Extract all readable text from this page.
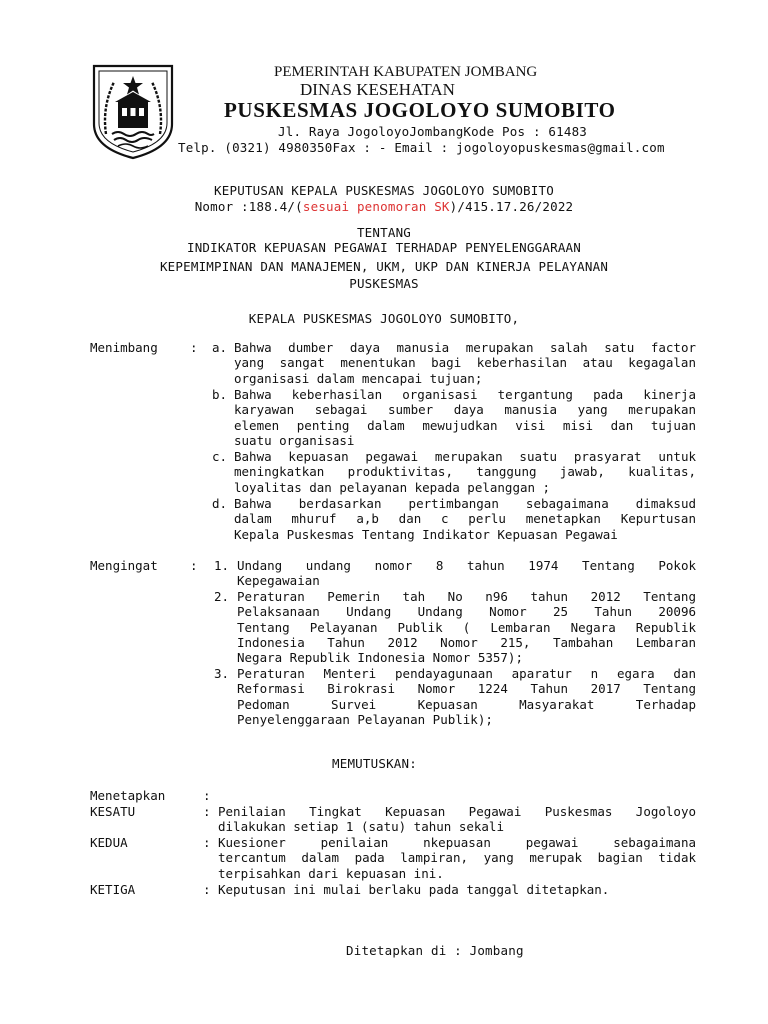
PEMERINTAH KABUPATEN JOMBANG
DINAS KESEHATAN
PUSKESMAS JOGOLOYO SUMOBITO
Jl. Raya JogoloyoJombangKode Pos : 61483
Telp. (0321) 4980350Fax : - Email : jogoloyopuskesmas@gmail.com
KEPUTUSAN KEPALA PUSKESMAS JOGOLOYO SUMOBITO
Nomor :188.4/(sesuai penomoran SK)/415.17.26/2022
TENTANG
INDIKATOR KEPUASAN PEGAWAI TERHADAP PENYELENGGARAAN
KEPEMIMPINAN DAN MANAJEMEN, UKM, UKP DAN KINERJA PELAYANAN
PUSKESMAS
KEPALA PUSKESMAS JOGOLOYO SUMOBITO,
Menimbang	:	a. Bahwa dumber daya manusia merupakan salah satu factor
yang sangat menentukan bagi keberhasilan atau kegagalan
organisasi dalam mencapai tujuan;
b. Bahwa keberhasilan organisasi tergantung pada kinerja
karyawan sebagai sumber daya manusia yang merupakan
elemen penting dalam mewujudkan visi misi dan tujuan
suatu organisasi
c. Bahwa kepuasan pegawai merupakan suatu prasyarat untuk
meningkatkan produktivitas, tanggung jawab, kualitas,
loyalitas dan pelayanan kepada pelanggan ;
d. Bahwa berdasarkan pertimbangan sebagaimana dimaksud
dalam mhuruf a,b dan c perlu menetapkan Kepurtusan
Kepala Puskesmas Tentang Indikator Kepuasan Pegawai
Mengingat	:	1. Undang undang nomor 8 tahun 1974 Tentang Pokok
Kepegawaian
2. Peraturan Pemerin tah No n96 tahun 2012 Tentang
Pelaksanaan Undang Undang Nomor 25 Tahun 20096
Tentang Pelayanan Publik ( Lembaran Negara Republik
Indonesia Tahun 2012 Nomor 215, Tambahan Lembaran
Negara Republik Indonesia Nomor 5357);
3. Peraturan Menteri pendayagunaan aparatur n egara dan
Reformasi Birokrasi Nomor 1224 Tahun 2017 Tentang
Pedoman Survei Kepuasan Masyarakat Terhadap
Penyelenggaraan Pelayanan Publik);
MEMUTUSKAN:
Menetapkan	:
KESATU	: Penilaian Tingkat Kepuasan Pegawai Puskesmas Jogoloyo
dilakukan setiap 1 (satu) tahun sekali
KEDUA	: Kuesioner penilaian nkepuasan pegawai sebagaimana
tercantum dalam pada lampiran, yang merupak bagian tidak
terpisahkan dari kepuasan ini.
KETIGA	: Keputusan ini mulai berlaku pada tanggal ditetapkan.
Ditetapkan di : Jombang
